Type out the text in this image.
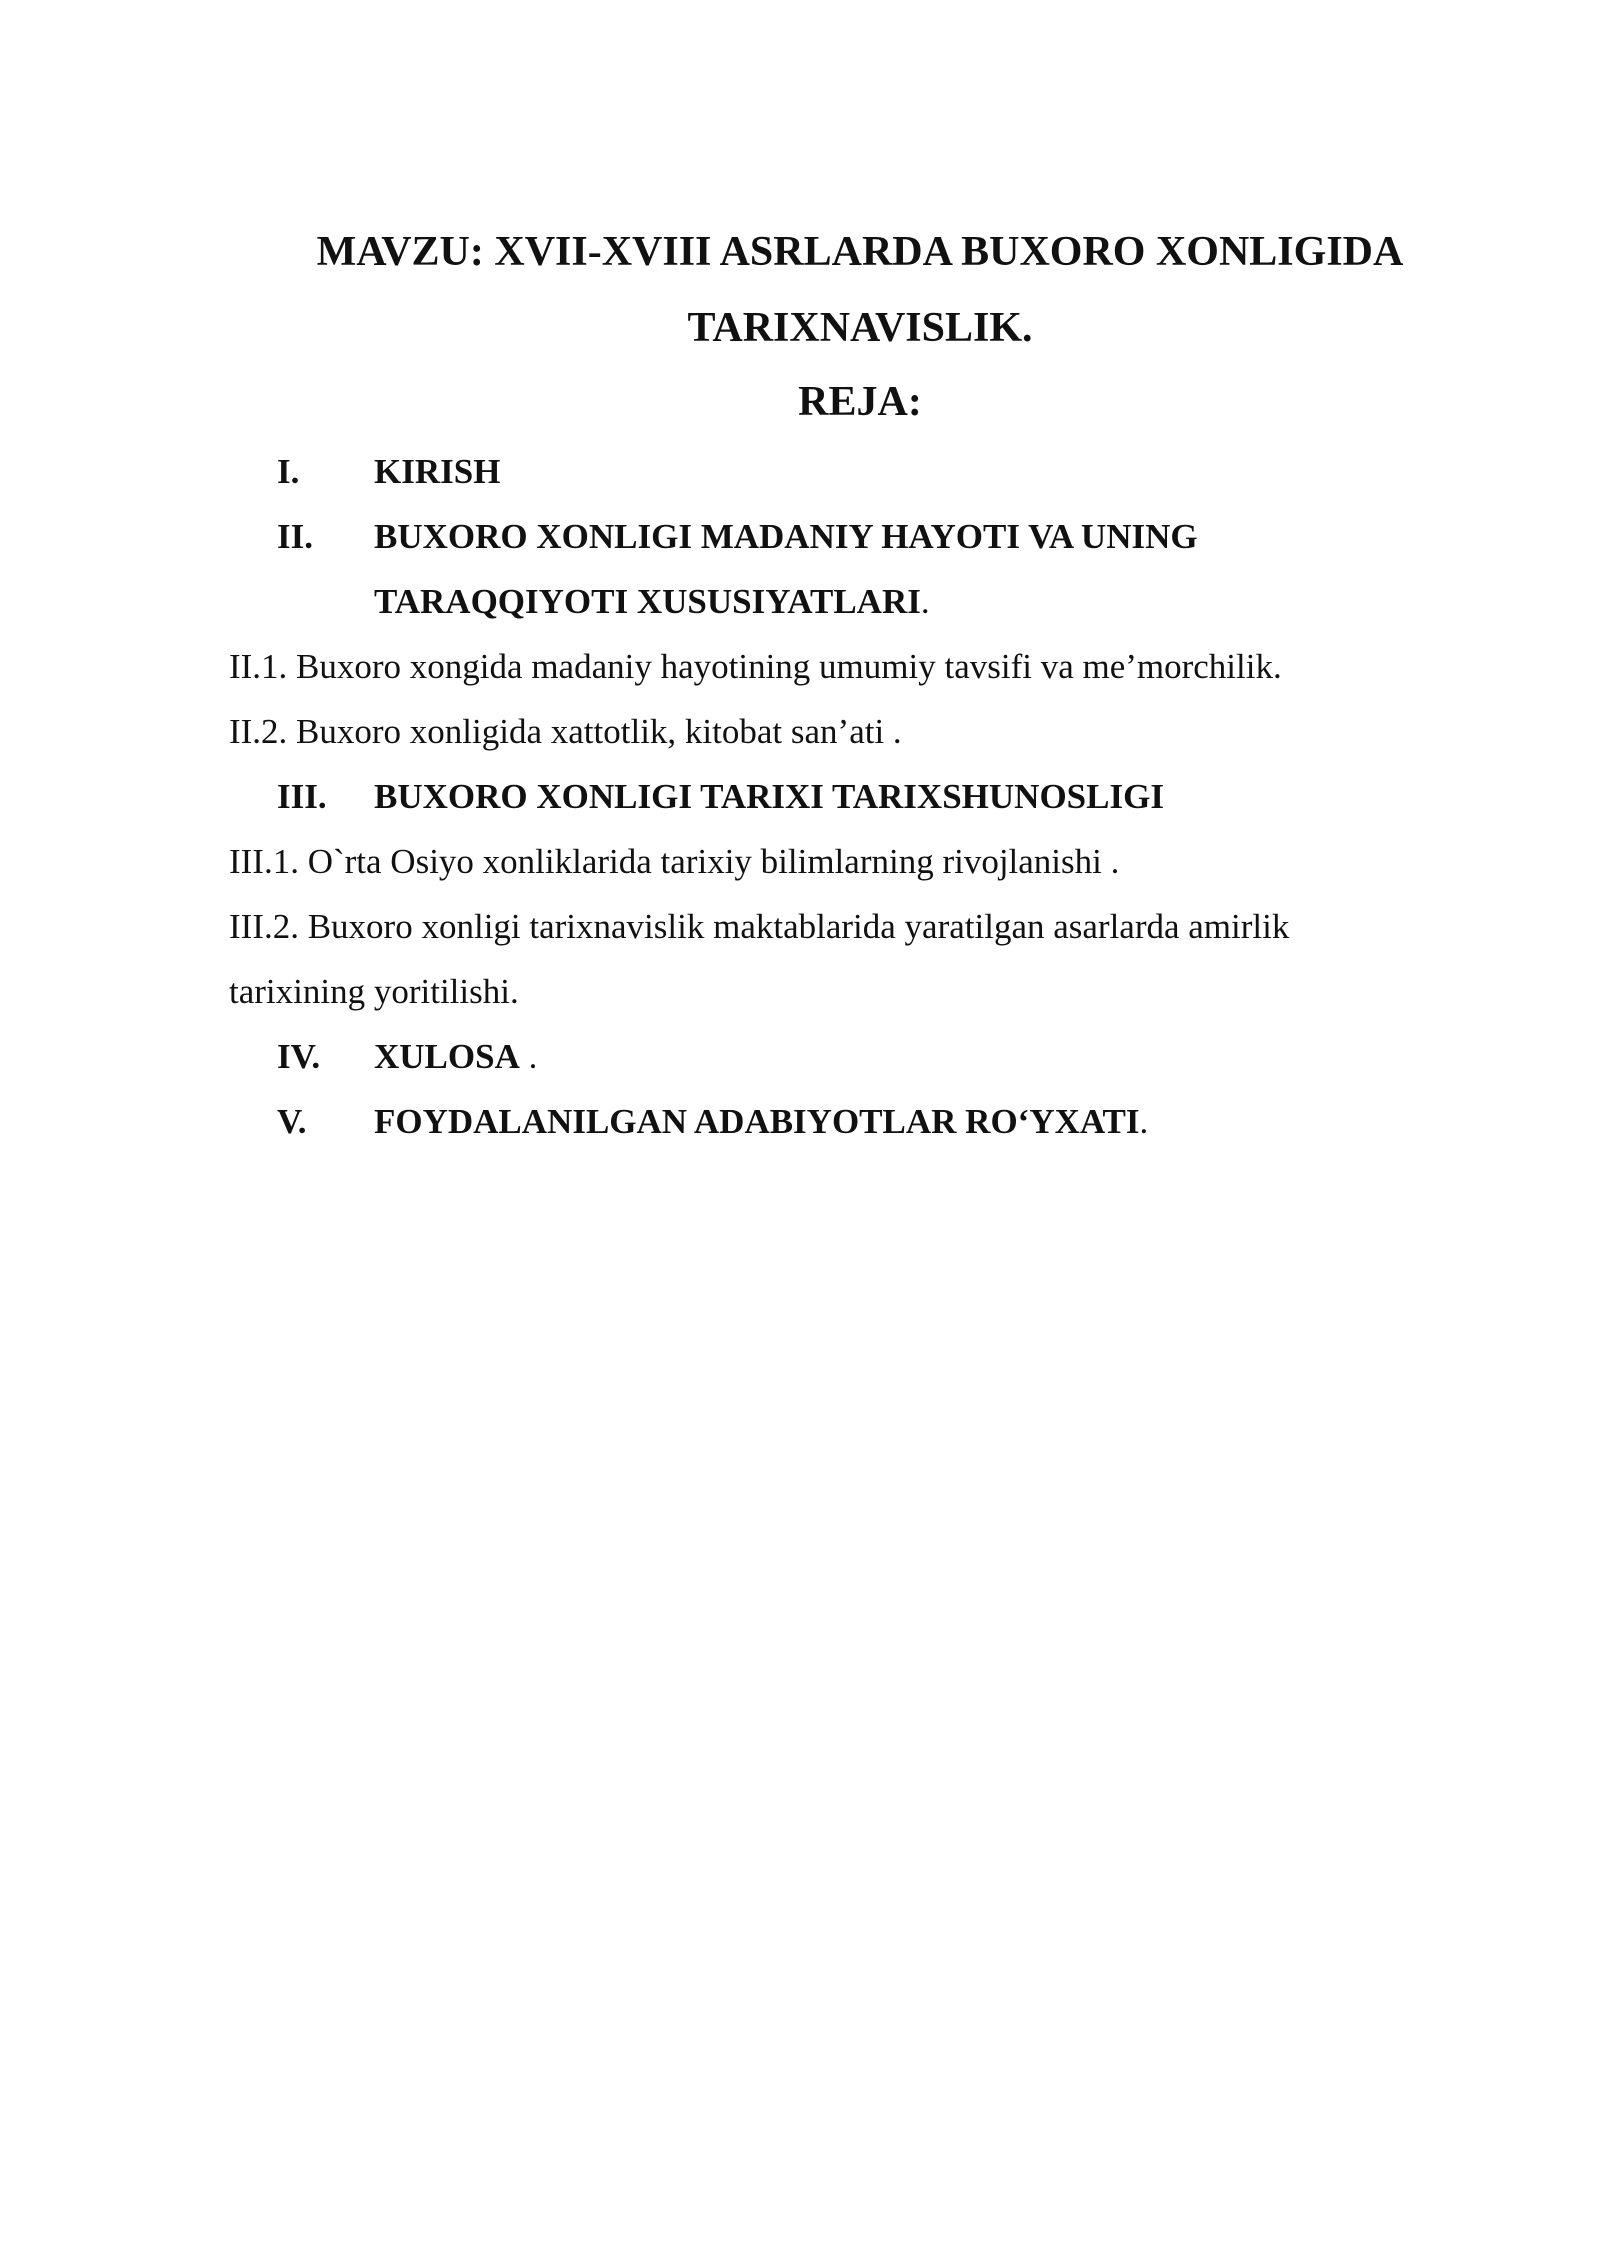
MAVZU: XVII-XVIII ASRLARDA BUXORO XONLIGIDA
TARIXNAVISLIK.
REJA:
I. KIRISH
II. BUXORO XONLIGI MADANIY HAYOTI VA UNING
TARAQQIYOTI XUSUSIYATLARI.
II.1. Buxoro xongida madaniy hayotining umumiy tavsifi va me’morchilik.
II.2. Buxoro xonligida xattotlik, kitobat san’ati .
III. BUXORO XONLIGI TARIXI TARIXSHUNOSLIGI
III.1. O`rta Osiyo xonliklarida tarixiy bilimlarning rivojlanishi .
III.2. Buxoro xonligi tarixnavislik maktablarida yaratilgan asarlarda amirlik
tarixining yoritilishi.
IV. XULOSA .
V. FOYDALANILGAN ADABIYOTLAR RO‘YXATI.
